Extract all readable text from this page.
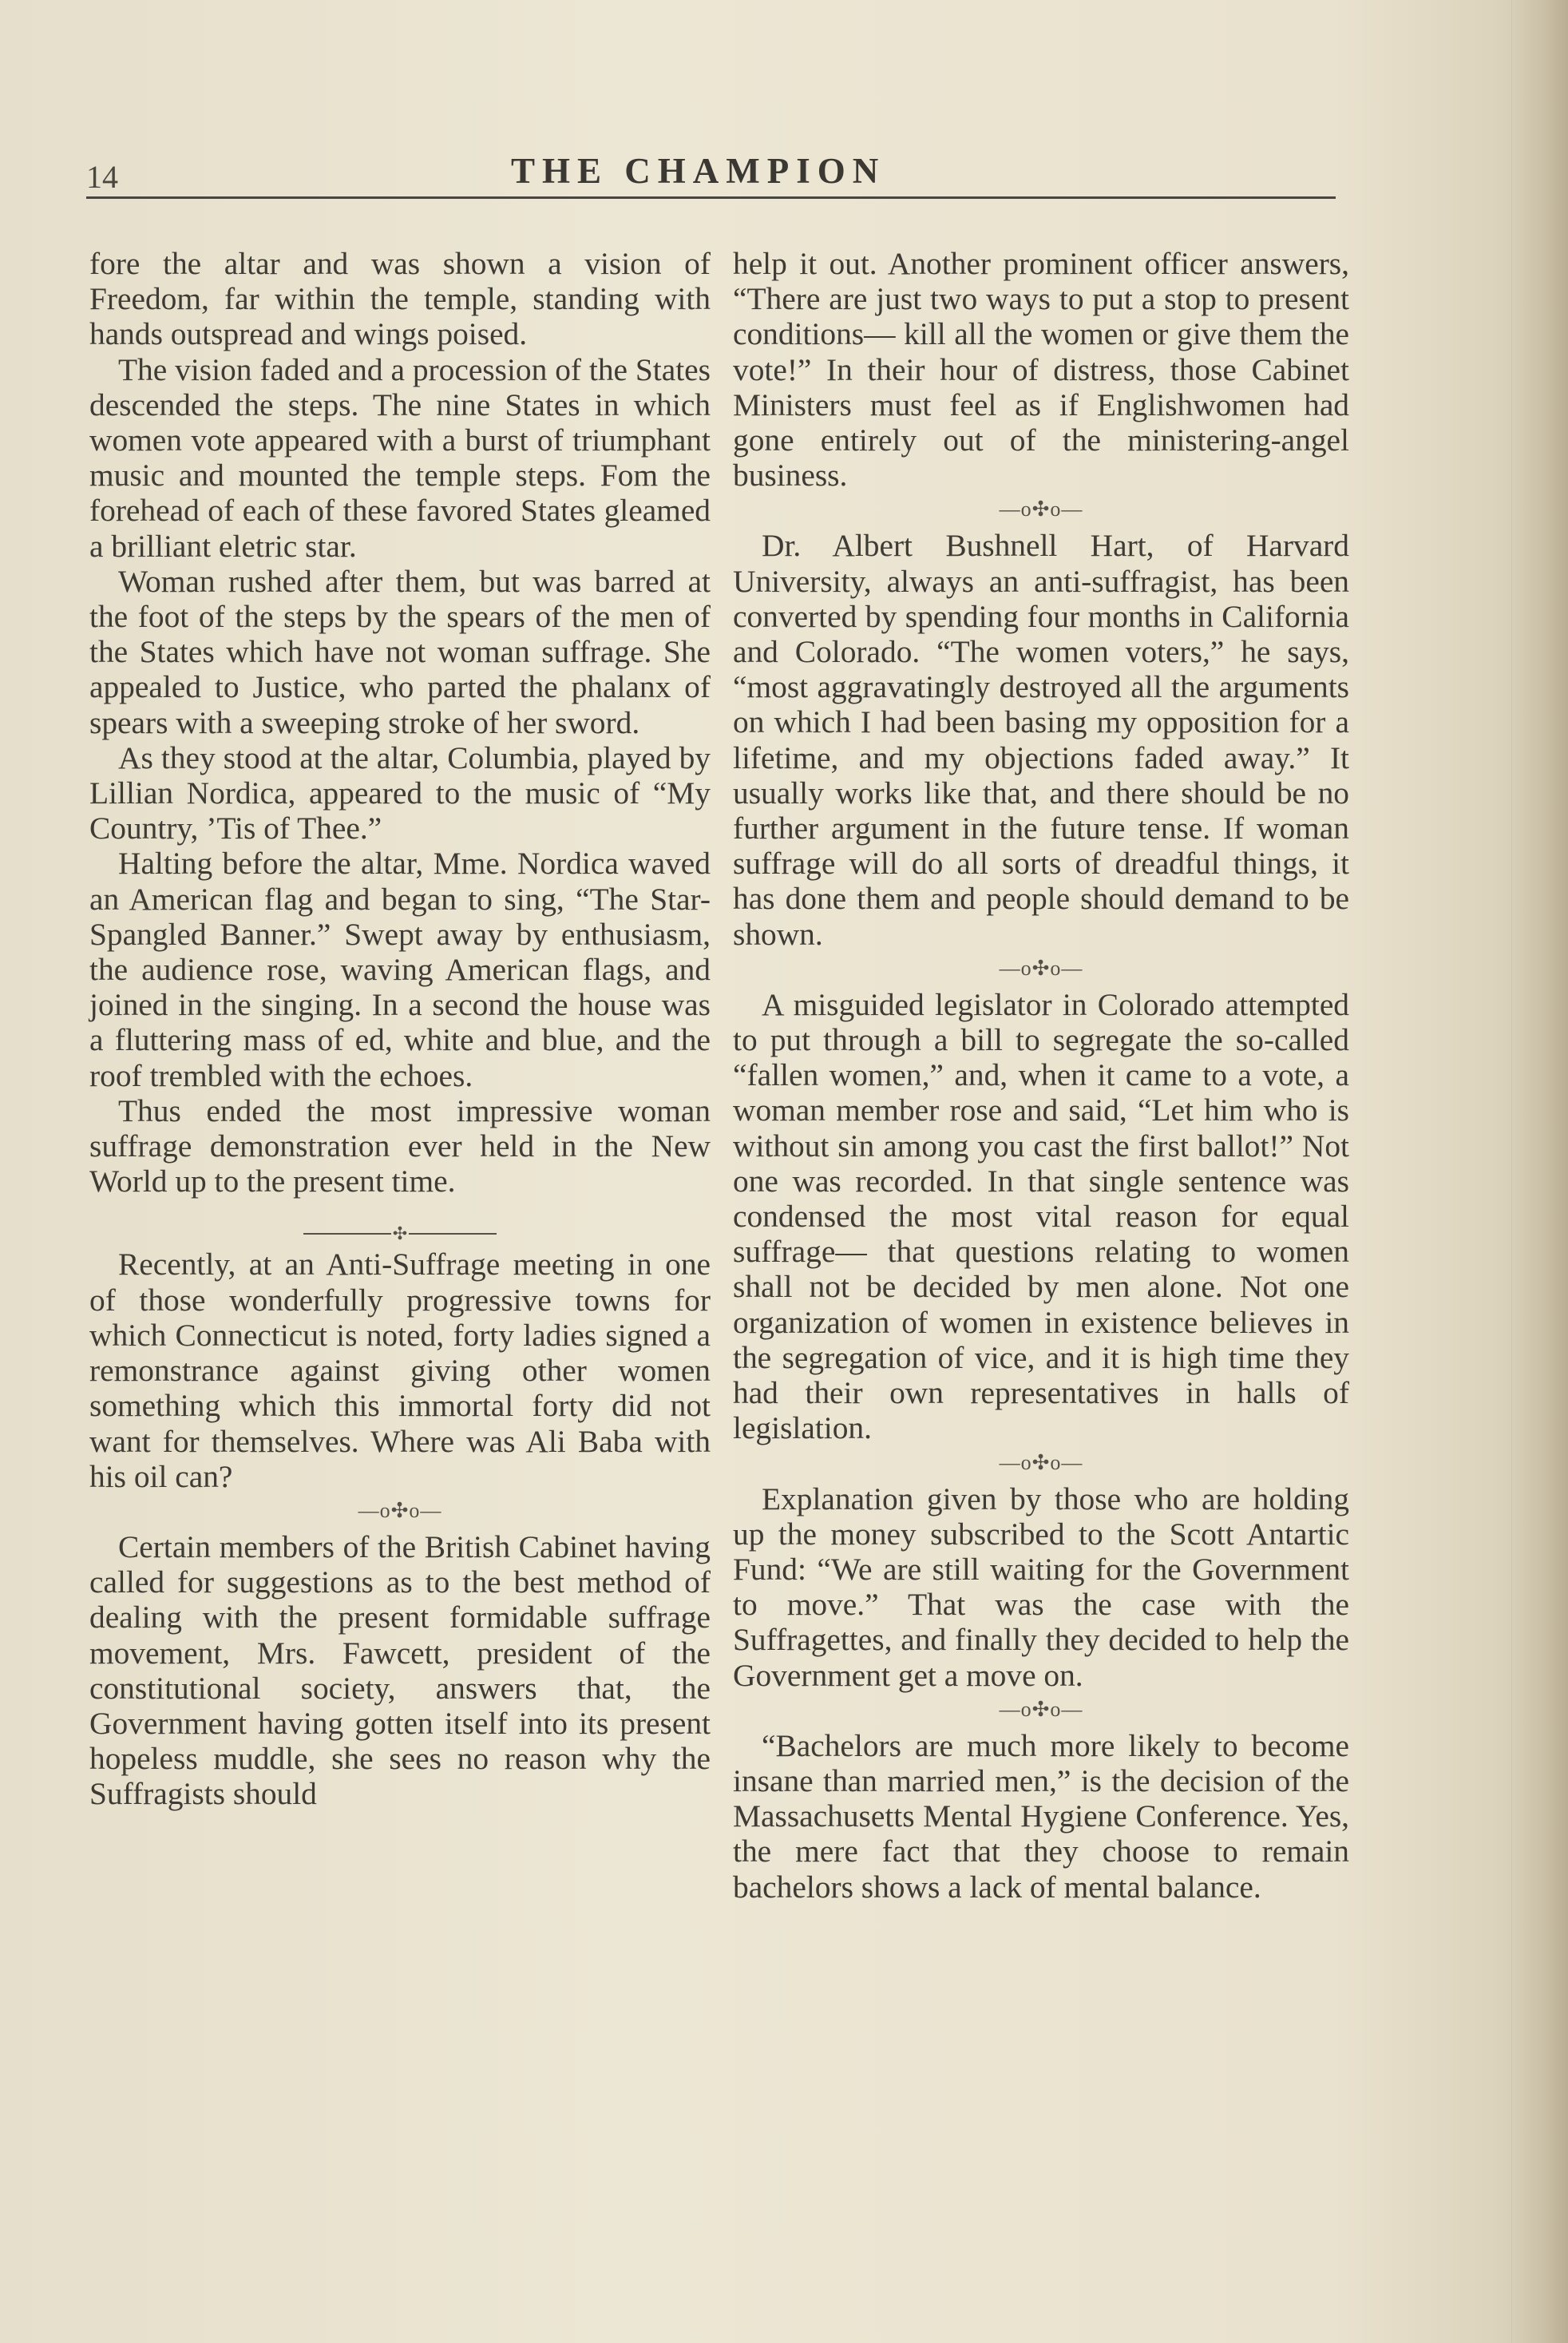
14	THE CHAMPION

fore the altar and was shown a vision of Freedom, far within the temple, standing with hands outspread and wings poised.

The vision faded and a procession of the States descended the steps. The nine States in which women vote appeared with a burst of triumphant music and mounted the temple steps. Fom the forehead of each of these favored States gleamed a brilliant eletric star.

Woman rushed after them, but was barred at the foot of the steps by the spears of the men of the States which have not woman suffrage. She appealed to Justice, who parted the phalanx of spears with a sweeping stroke of her sword.

As they stood at the altar, Columbia, played by Lillian Nordica, appeared to the music of “My Country, ’Tis of Thee.”

Halting before the altar, Mme. Nordica waved an American flag and began to sing, “The Star-Spangled Banner.” Swept away by enthusiasm, the audience rose, waving American flags, and joined in the singing. In a second the house was a fluttering mass of ed, white and blue, and the roof trembled with the echoes.

Thus ended the most impressive woman suffrage demonstration ever held in the New World up to the present time.

✣

Recently, at an Anti-Suffrage meeting in one of those wonderfully progressive towns for which Connecticut is noted, forty ladies signed a remonstrance against giving other women something which this immortal forty did not want for themselves. Where was Ali Baba with his oil can?

—o✣o—

Certain members of the British Cabinet having called for suggestions as to the best method of dealing with the present formidable suffrage movement, Mrs. Fawcett, president of the constitutional society, answers that, the Government having gotten itself into its present hopeless muddle, she sees no reason why the Suffragists should

help it out. Another prominent officer answers, “There are just two ways to put a stop to present conditions— kill all the women or give them the vote!” In their hour of distress, those Cabinet Ministers must feel as if Englishwomen had gone entirely out of the ministering-angel business.

—o✣o—

Dr. Albert Bushnell Hart, of Harvard University, always an anti-suffragist, has been converted by spending four months in California and Colorado. “The women voters,” he says, “most aggravatingly destroyed all the arguments on which I had been basing my opposition for a lifetime, and my objections faded away.” It usually works like that, and there should be no further argument in the future tense. If woman suffrage will do all sorts of dreadful things, it has done them and people should demand to be shown.

—o✣o—

A misguided legislator in Colorado attempted to put through a bill to segregate the so-called “fallen women,” and, when it came to a vote, a woman member rose and said, “Let him who is without sin among you cast the first ballot!” Not one was recorded. In that single sentence was condensed the most vital reason for equal suffrage— that questions relating to women shall not be decided by men alone. Not one organization of women in existence believes in the segregation of vice, and it is high time they had their own representatives in halls of legislation.

—o✣o—

Explanation given by those who are holding up the money subscribed to the Scott Antartic Fund: “We are still waiting for the Government to move.” That was the case with the Suffragettes, and finally they decided to help the Government get a move on.

—o✣o—

“Bachelors are much more likely to become insane than married men,” is the decision of the Massachusetts Mental Hygiene Conference. Yes, the mere fact that they choose to remain bachelors shows a lack of mental balance.
